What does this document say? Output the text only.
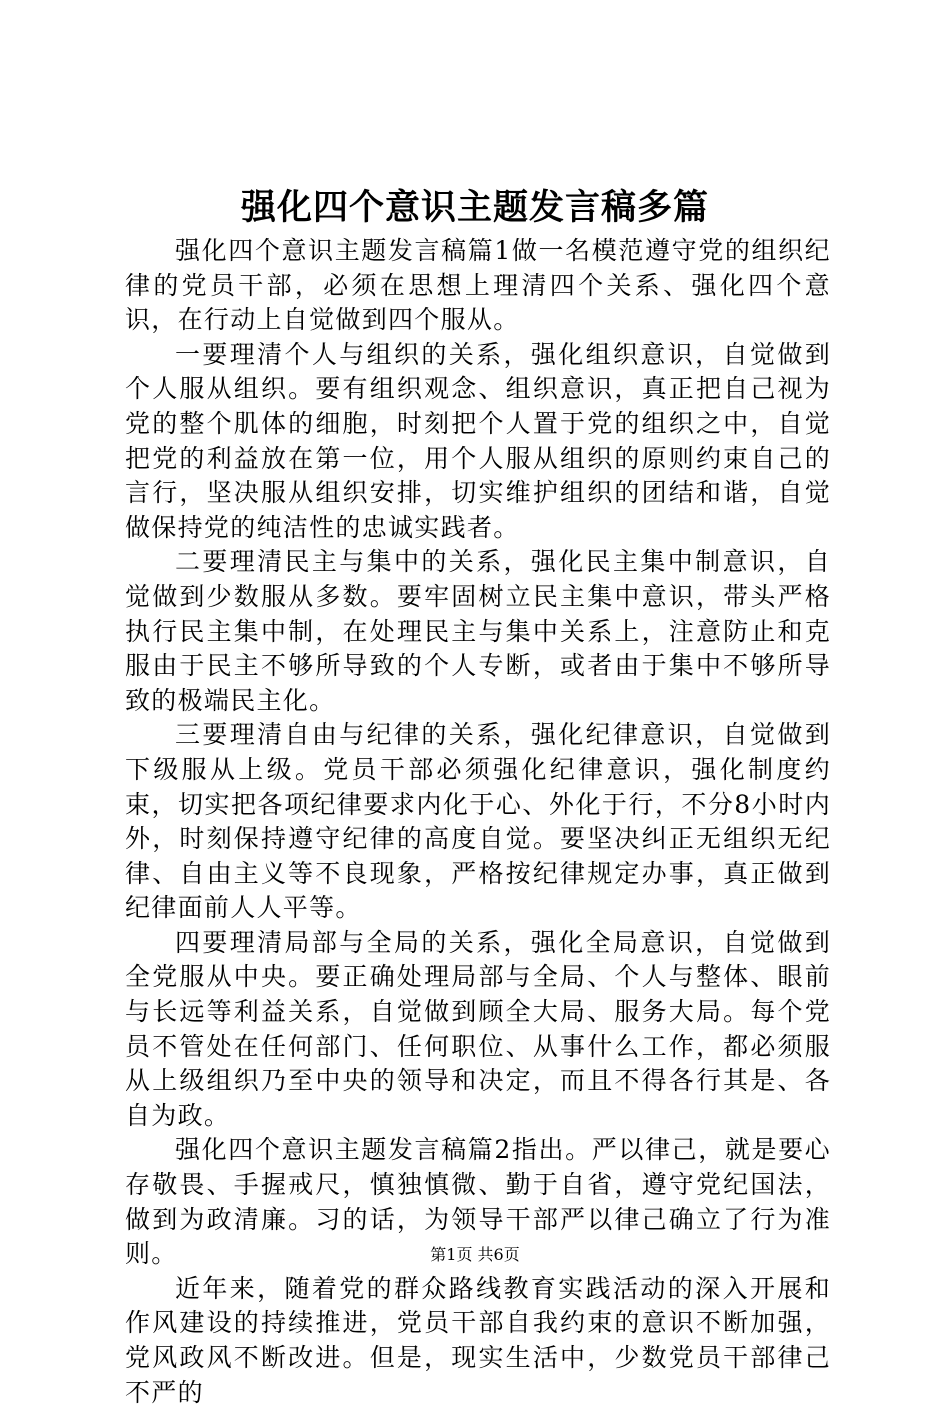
强化四个意识主题发言稿多篇

强化四个意识主题发言稿篇1做一名模范遵守党的组织纪律的党员干部，必须在思想上理清四个关系、强化四个意识，在行动上自觉做到四个服从。

一要理清个人与组织的关系，强化组织意识，自觉做到个人服从组织。要有组织观念、组织意识，真正把自己视为党的整个肌体的细胞，时刻把个人置于党的组织之中，自觉把党的利益放在第一位，用个人服从组织的原则约束自己的言行，坚决服从组织安排，切实维护组织的团结和谐，自觉做保持党的纯洁性的忠诚实践者。

二要理清民主与集中的关系，强化民主集中制意识，自觉做到少数服从多数。要牢固树立民主集中意识，带头严格执行民主集中制，在处理民主与集中关系上，注意防止和克服由于民主不够所导致的个人专断，或者由于集中不够所导致的极端民主化。

三要理清自由与纪律的关系，强化纪律意识，自觉做到下级服从上级。党员干部必须强化纪律意识，强化制度约束，切实把各项纪律要求内化于心、外化于行，不分8小时内外，时刻保持遵守纪律的高度自觉。要坚决纠正无组织无纪律、自由主义等不良现象，严格按纪律规定办事，真正做到纪律面前人人平等。

四要理清局部与全局的关系，强化全局意识，自觉做到全党服从中央。要正确处理局部与全局、个人与整体、眼前与长远等利益关系，自觉做到顾全大局、服务大局。每个党员不管处在任何部门、任何职位、从事什么工作，都必须服从上级组织乃至中央的领导和决定，而且不得各行其是、各自为政。

强化四个意识主题发言稿篇2指出。严以律己，就是要心存敬畏、手握戒尺，慎独慎微、勤于自省，遵守党纪国法，做到为政清廉。习的话，为领导干部严以律己确立了行为准则。

近年来，随着党的群众路线教育实践活动的深入开展和作风建设的持续推进，党员干部自我约束的意识不断加强，党风政风不断改进。但是，现实生活中，少数党员干部律己不严的

第1页 共6页
